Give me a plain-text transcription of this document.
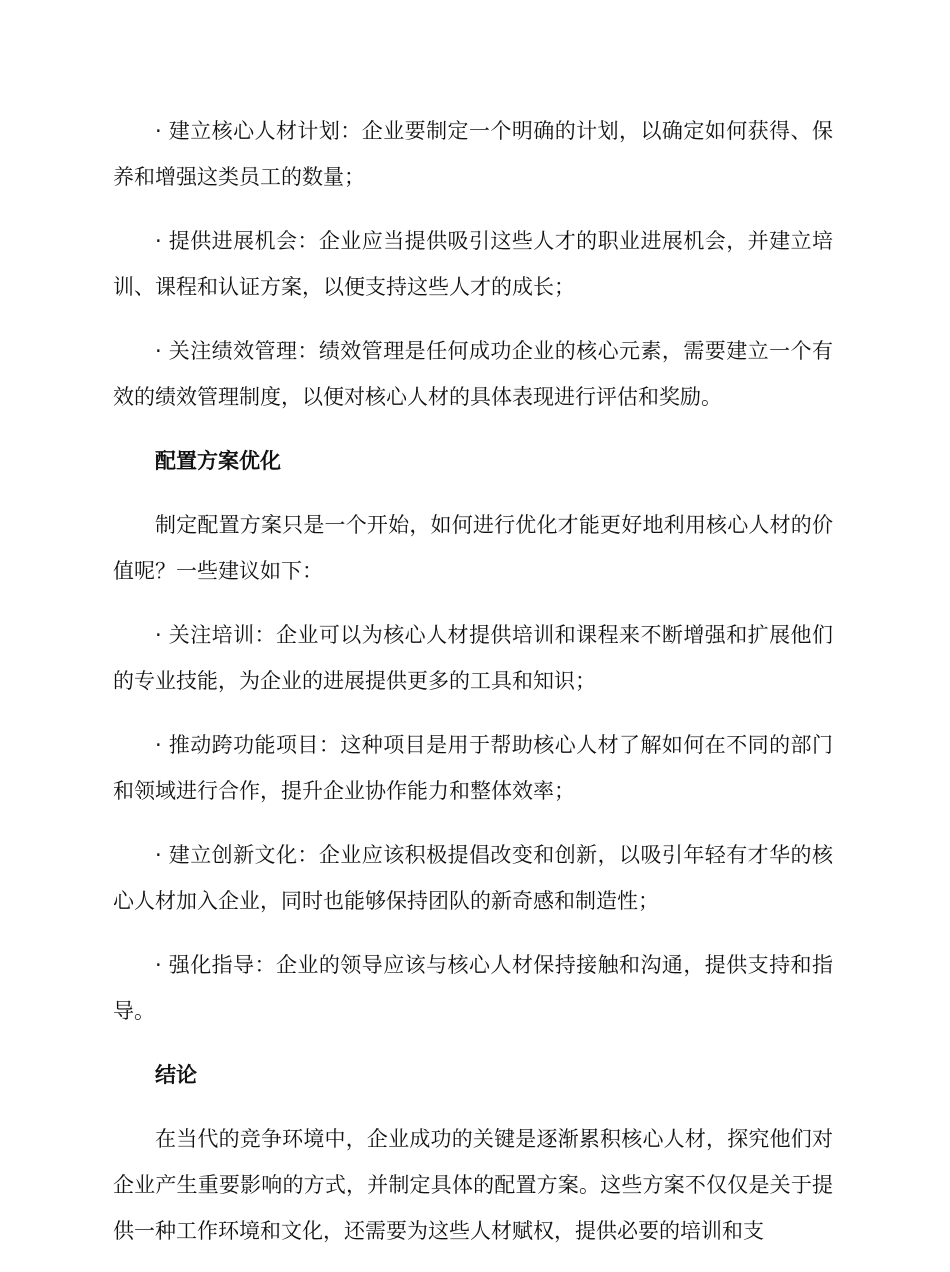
· 建立核心人材计划：企业要制定一个明确的计划，以确定如何获得、保养和增强这类员工的数量；

· 提供进展机会：企业应当提供吸引这些人才的职业进展机会，并建立培训、课程和认证方案，以便支持这些人才的成长；

· 关注绩效管理：绩效管理是任何成功企业的核心元素，需要建立一个有效的绩效管理制度，以便对核心人材的具体表现进行评估和奖励。

配置方案优化

制定配置方案只是一个开始，如何进行优化才能更好地利用核心人材的价值呢？一些建议如下：

· 关注培训：企业可以为核心人材提供培训和课程来不断增强和扩展他们的专业技能，为企业的进展提供更多的工具和知识；

· 推动跨功能项目：这种项目是用于帮助核心人材了解如何在不同的部门和领域进行合作，提升企业协作能力和整体效率；

· 建立创新文化：企业应该积极提倡改变和创新，以吸引年轻有才华的核心人材加入企业，同时也能够保持团队的新奇感和制造性；

· 强化指导：企业的领导应该与核心人材保持接触和沟通，提供支持和指导。

结论

在当代的竞争环境中，企业成功的关键是逐渐累积核心人材，探究他们对企业产生重要影响的方式，并制定具体的配置方案。这些方案不仅仅是关于提供一种工作环境和文化，还需要为这些人材赋权，提供必要的培训和支
